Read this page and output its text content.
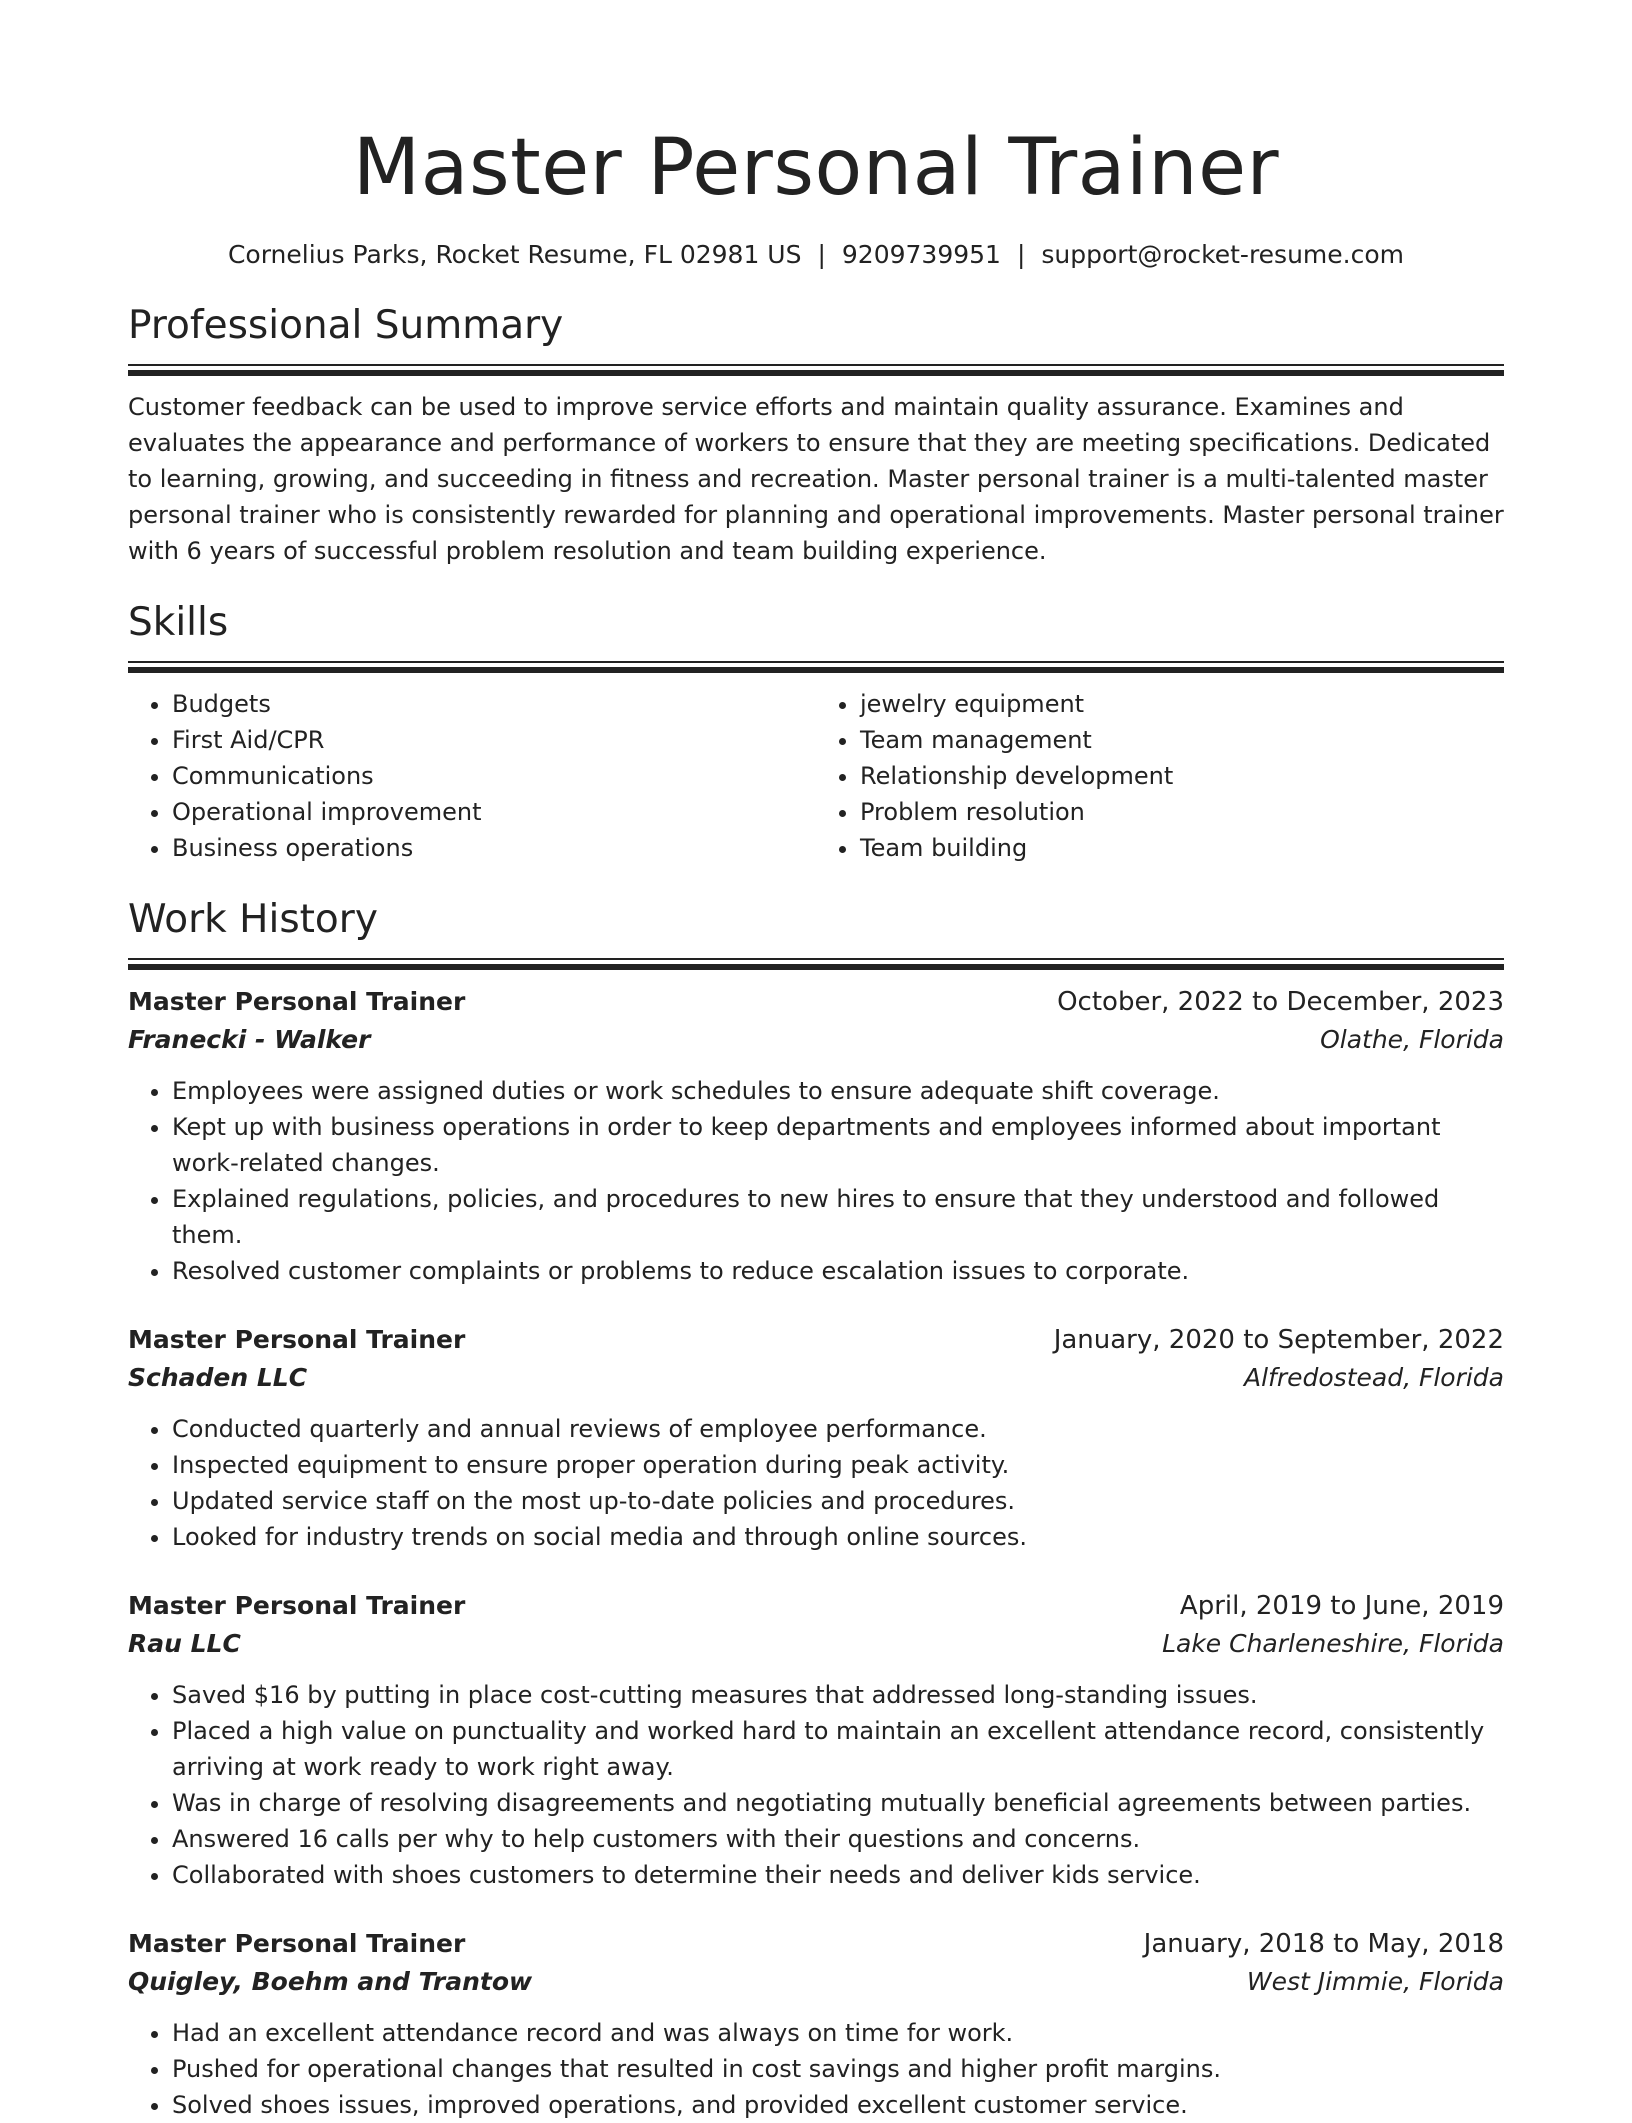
Master Personal Trainer
Cornelius Parks, Rocket Resume, FL 02981 US | 9209739951 | support@rocket-resume.com
Professional Summary

Customer feedback can be used to improve service efforts and maintain quality assurance. Examines and evaluates the appearance and performance of workers to ensure that they are meeting specifications. Dedicated to learning, growing, and succeeding in fitness and recreation. Master personal trainer is a multi-talented master personal trainer who is consistently rewarded for planning and operational improvements. Master personal trainer with 6 years of successful problem resolution and team building experience.

Skills
• Budgets
• First Aid/CPR
• Communications
• Operational improvement
• Business operations
• jewelry equipment
• Team management
• Relationship development
• Problem resolution
• Team building
Work History
Master Personal Trainer	October, 2022 to December, 2023
Franecki - Walker	Olathe, Florida
• Employees were assigned duties or work schedules to ensure adequate shift coverage.
• Kept up with business operations in order to keep departments and employees informed about important work-related changes.
• Explained regulations, policies, and procedures to new hires to ensure that they understood and followed them.
• Resolved customer complaints or problems to reduce escalation issues to corporate.
Master Personal Trainer	January, 2020 to September, 2022
Schaden LLC	Alfredostead, Florida
• Conducted quarterly and annual reviews of employee performance.
• Inspected equipment to ensure proper operation during peak activity.
• Updated service staff on the most up-to-date policies and procedures.
• Looked for industry trends on social media and through online sources.
Master Personal Trainer	April, 2019 to June, 2019
Rau LLC	Lake Charleneshire, Florida
• Saved $16 by putting in place cost-cutting measures that addressed long-standing issues.
• Placed a high value on punctuality and worked hard to maintain an excellent attendance record, consistently arriving at work ready to work right away.
• Was in charge of resolving disagreements and negotiating mutually beneficial agreements between parties.
• Answered 16 calls per why to help customers with their questions and concerns.
• Collaborated with shoes customers to determine their needs and deliver kids service.
Master Personal Trainer	January, 2018 to May, 2018
Quigley, Boehm and Trantow	West Jimmie, Florida
• Had an excellent attendance record and was always on time for work.
• Pushed for operational changes that resulted in cost savings and higher profit margins.
• Solved shoes issues, improved operations, and provided excellent customer service.
